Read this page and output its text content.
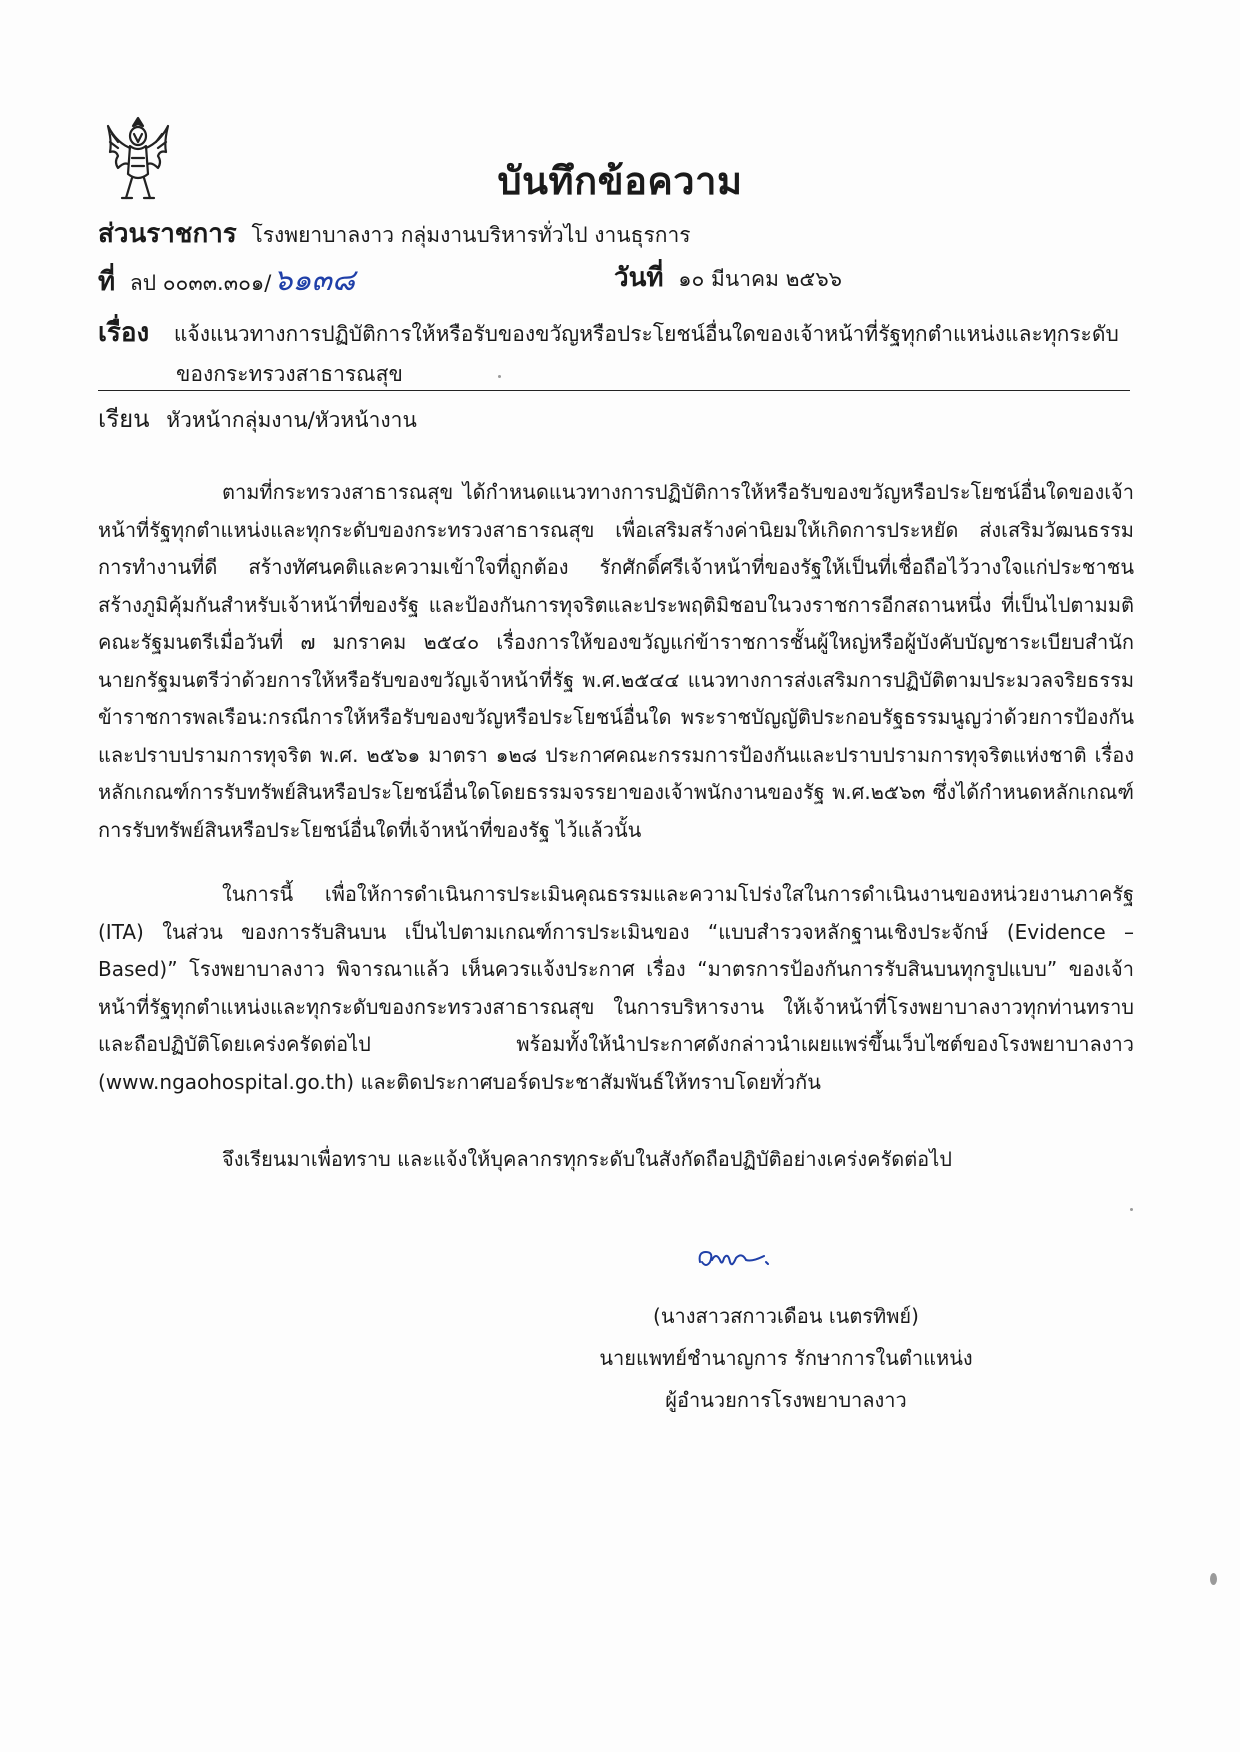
บันทึกข้อความ
ส่วนราชการ โรงพยาบาลงาว กลุ่มงานบริหารทั่วไป งานธุรการ
ที่ ลป ๐๐๓๓.๓๐๑/๖๑๓๘	วันที่ ๑๐ มีนาคม ๒๕๖๖
เรื่อง แจ้งแนวทางการปฏิบัติการให้หรือรับของขวัญหรือประโยชน์อื่นใดของเจ้าหน้าที่รัฐทุกตำแหน่งและทุกระดับ
ของกระทรวงสาธารณสุข
เรียน หัวหน้ากลุ่มงาน/หัวหน้างาน
ตามที่กระทรวงสาธารณสุข ได้กำหนดแนวทางการปฏิบัติการให้หรือรับของขวัญหรือประโยชน์อื่นใดของเจ้าหน้าที่รัฐทุกตำแหน่งและทุกระดับของกระทรวงสาธารณสุข เพื่อเสริมสร้างค่านิยมให้เกิดการประหยัด ส่งเสริมวัฒนธรรมการทำงานที่ดี สร้างทัศนคติและความเข้าใจที่ถูกต้อง รักศักดิ์ศรีเจ้าหน้าที่ของรัฐให้เป็นที่เชื่อถือไว้วางใจแก่ประชาชน สร้างภูมิคุ้มกันสำหรับเจ้าหน้าที่ของรัฐ และป้องกันการทุจริตและประพฤติมิชอบในวงราชการอีกสถานหนึ่ง ที่เป็นไปตามมติคณะรัฐมนตรีเมื่อวันที่ ๗ มกราคม ๒๕๔๐ เรื่องการให้ของขวัญแก่ข้าราชการชั้นผู้ใหญ่หรือผู้บังคับบัญชาระเบียบสำนักนายกรัฐมนตรีว่าด้วยการให้หรือรับของขวัญเจ้าหน้าที่รัฐ พ.ศ.๒๕๔๔ แนวทางการส่งเสริมการปฏิบัติตามประมวลจริยธรรมข้าราชการพลเรือน:กรณีการให้หรือรับของขวัญหรือประโยชน์อื่นใด พระราชบัญญัติประกอบรัฐธรรมนูญว่าด้วยการป้องกันและปราบปรามการทุจริต พ.ศ. ๒๕๖๑ มาตรา ๑๒๘ ประกาศคณะกรรมการป้องกันและปราบปรามการทุจริตแห่งชาติ เรื่องหลักเกณฑ์การรับทรัพย์สินหรือประโยชน์อื่นใดโดยธรรมจรรยาของเจ้าพนักงานของรัฐ พ.ศ.๒๕๖๓ ซึ่งได้กำหนดหลักเกณฑ์การรับทรัพย์สินหรือประโยชน์อื่นใดที่เจ้าหน้าที่ของรัฐ ไว้แล้วนั้น
ในการนี้ เพื่อให้การดำเนินการประเมินคุณธรรมและความโปร่งใสในการดำเนินงานของหน่วยงานภาครัฐ (ITA) ในส่วน ของการรับสินบน เป็นไปตามเกณฑ์การประเมินของ “แบบสำรวจหลักฐานเชิงประจักษ์ (Evidence – Based)” โรงพยาบาลงาว พิจารณาแล้ว เห็นควรแจ้งประกาศ เรื่อง “มาตรการป้องกันการรับสินบนทุกรูปแบบ” ของเจ้าหน้าที่รัฐทุกตำแหน่งและทุกระดับของกระทรวงสาธารณสุข ในการบริหารงาน ให้เจ้าหน้าที่โรงพยาบาลงาวทุกท่านทราบและถือปฏิบัติโดยเคร่งครัดต่อไป พร้อมทั้งให้นำประกาศดังกล่าวนำเผยแพร่ขึ้นเว็บไซต์ของโรงพยาบาลงาว (www.ngaohospital.go.th) และติดประกาศบอร์ดประชาสัมพันธ์ให้ทราบโดยทั่วกัน
จึงเรียนมาเพื่อทราบ และแจ้งให้บุคลากรทุกระดับในสังกัดถือปฏิบัติอย่างเคร่งครัดต่อไป
(นางสาวสกาวเดือน เนตรทิพย์)
นายแพทย์ชำนาญการ รักษาการในตำแหน่ง
ผู้อำนวยการโรงพยาบาลงาว
